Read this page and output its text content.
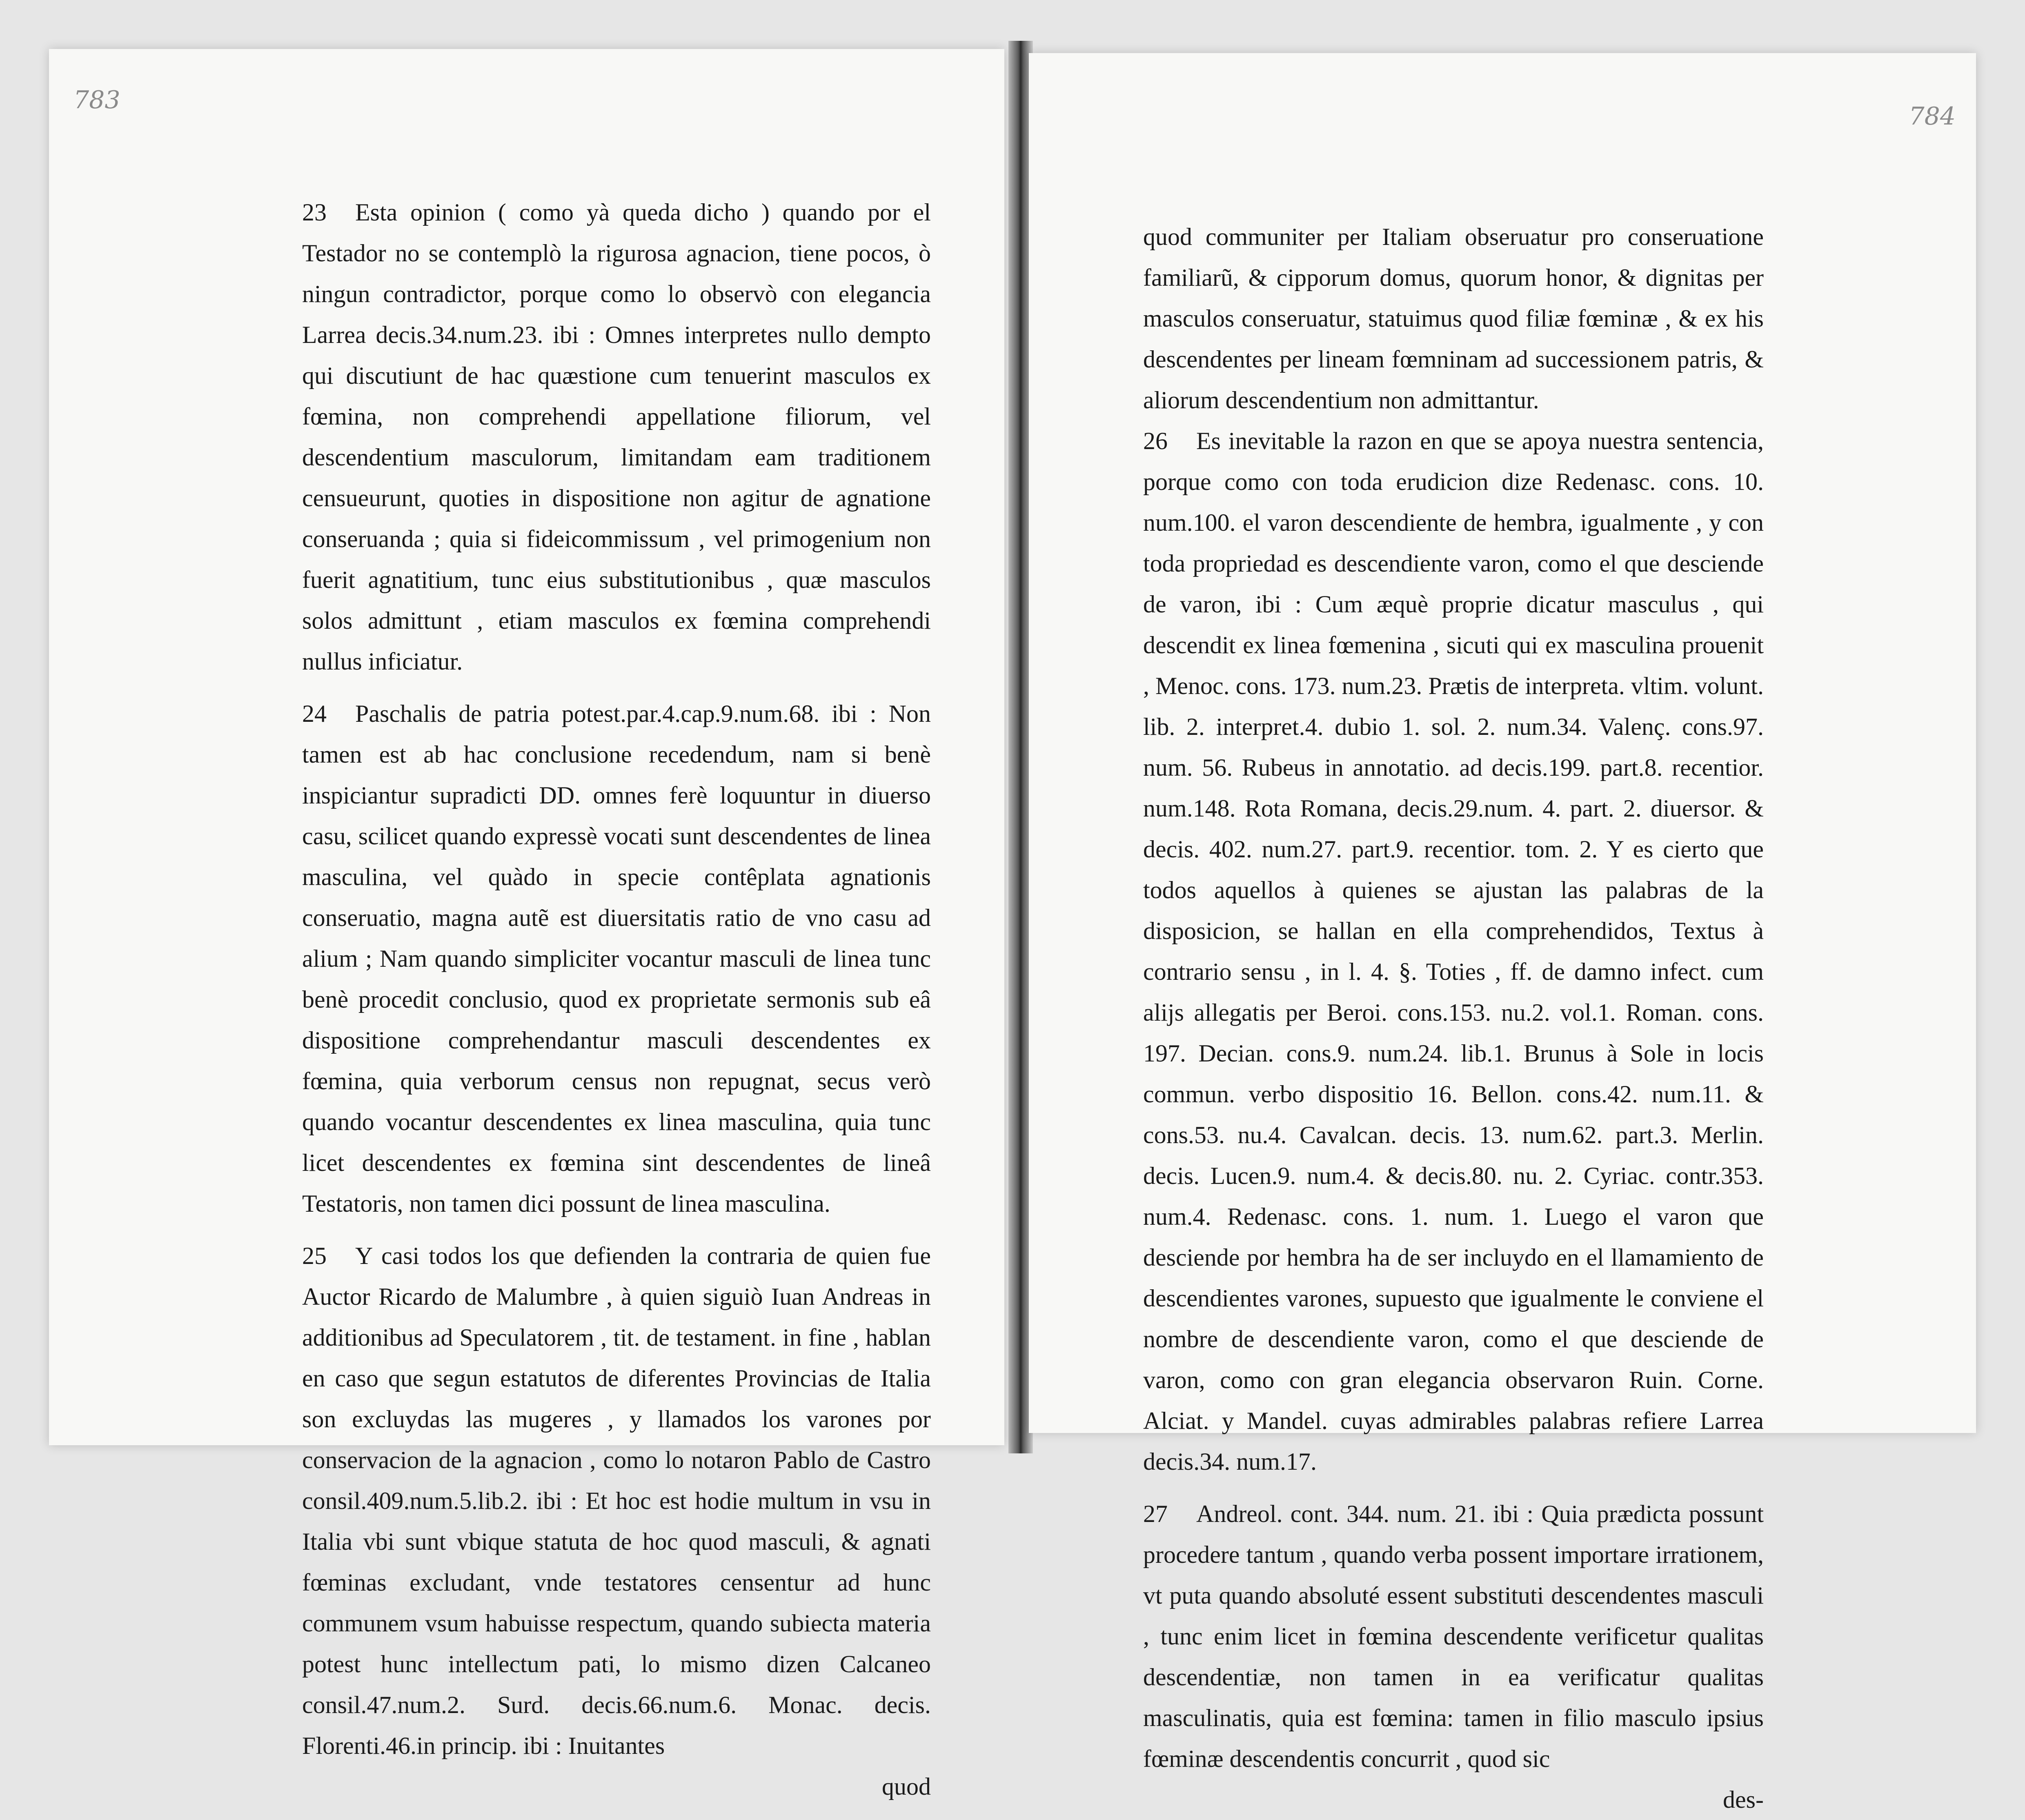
783

23 Esta opinion ( como yà queda dicho ) quando por el Testador no se contemplò la rigurosa agnacion, tiene pocos, ò ningun contradictor, porque como lo observò con elegancia Larrea decis.34.num.23. ibi : Omnes interpretes nullo dempto qui discutiunt de hac quæstione cum tenuerint masculos ex fœmina, non comprehendi appellatione filiorum, vel descendentium masculorum, limitandam eam traditionem censueurunt, quoties in dispositione non agitur de agnatione conseruanda ; quia si fideicommissum , vel primogenium non fuerit agnatitium, tunc eius substitutionibus , quæ masculos solos admittunt , etiam masculos ex fœmina comprehendi nullus inficiatur.

24 Paschalis de patria potest.par.4.cap.9.num.68. ibi : Non tamen est ab hac conclusione recedendum, nam si benè inspiciantur supradicti DD. omnes ferè loquuntur in diuerso casu, scilicet quando expressè vocati sunt descendentes de linea masculina, vel quàdo in specie contêplata agnationis conseruatio, magna autẽ est diuersitatis ratio de vno casu ad alium ; Nam quando simpliciter vocantur masculi de linea tunc benè procedit conclusio, quod ex proprietate sermonis sub eâ dispositione comprehendantur masculi descendentes ex fœmina, quia verborum census non repugnat, secus verò quando vocantur descendentes ex linea masculina, quia tunc licet descendentes ex fœmina sint descendentes de lineâ Testatoris, non tamen dici possunt de linea masculina.

25 Y casi todos los que defienden la contraria de quien fue Auctor Ricardo de Malumbre , à quien siguiò Iuan Andreas in additionibus ad Speculatorem , tit. de testament. in fine , hablan en caso que segun estatutos de diferentes Provincias de Italia son excluydas las mugeres , y llamados los varones por conservacion de la agnacion , como lo notaron Pablo de Castro consil.409.num.5.lib.2. ibi : Et hoc est hodie multum in vsu in Italia vbi sunt vbique statuta de hoc quod masculi, & agnati fœminas excludant, vnde testatores censentur ad hunc communem vsum habuisse respectum, quando subiecta materia potest hunc intellectum pati, lo mismo dizen Calcaneo consil.47.num.2. Surd. decis.66.num.6. Monac. decis. Florenti.46.in princip. ibi : Inuitantes

quod

784

quod communiter per Italiam obseruatur pro conseruatione familiarũ, & cipporum domus, quorum honor, & dignitas per masculos conseruatur, statuimus quod filiæ fœminæ , & ex his descendentes per lineam fœmninam ad successionem patris, & aliorum descendentium non admittantur.

26 Es inevitable la razon en que se apoya nuestra sentencia, porque como con toda erudicion dize Redenasc. cons. 10. num.100. el varon descendiente de hembra, igualmente , y con toda propriedad es descendiente varon, como el que desciende de varon, ibi : Cum æquè proprie dicatur masculus , qui descendit ex linea fœmenina , sicuti qui ex masculina prouenit , Menoc. cons. 173. num.23. Prætis de interpreta. vltim. volunt. lib. 2. interpret.4. dubio 1. sol. 2. num.34. Valenç. cons.97. num. 56. Rubeus in annotatio. ad decis.199. part.8. recentior. num.148. Rota Romana, decis.29.num. 4. part. 2. diuersor. & decis. 402. num.27. part.9. recentior. tom. 2. Y es cierto que todos aquellos à quienes se ajustan las palabras de la disposicion, se hallan en ella comprehendidos, Textus à contrario sensu , in l. 4. §. Toties , ff. de damno infect. cum alijs allegatis per Beroi. cons.153. nu.2. vol.1. Roman. cons. 197. Decian. cons.9. num.24. lib.1. Brunus à Sole in locis commun. verbo dispositio 16. Bellon. cons.42. num.11. & cons.53. nu.4. Cavalcan. decis. 13. num.62. part.3. Merlin. decis. Lucen.9. num.4. & decis.80. nu. 2. Cyriac. contr.353. num.4. Redenasc. cons. 1. num. 1. Luego el varon que desciende por hembra ha de ser incluydo en el llamamiento de descendientes varones, supuesto que igualmente le conviene el nombre de descendiente varon, como el que desciende de varon, como con gran elegancia observaron Ruin. Corne. Alciat. y Mandel. cuyas admirables palabras refiere Larrea decis.34. num.17.

27 Andreol. cont. 344. num. 21. ibi : Quia prædicta possunt procedere tantum , quando verba possent importare irrationem, vt puta quando absoluté essent substituti descendentes masculi , tunc enim licet in fœmina descendente verificetur qualitas descendentiæ, non tamen in ea verificatur qualitas masculinatis, quia est fœmina: tamen in filio masculo ipsius fœminæ descendentis concurrit , quod sic

des-
